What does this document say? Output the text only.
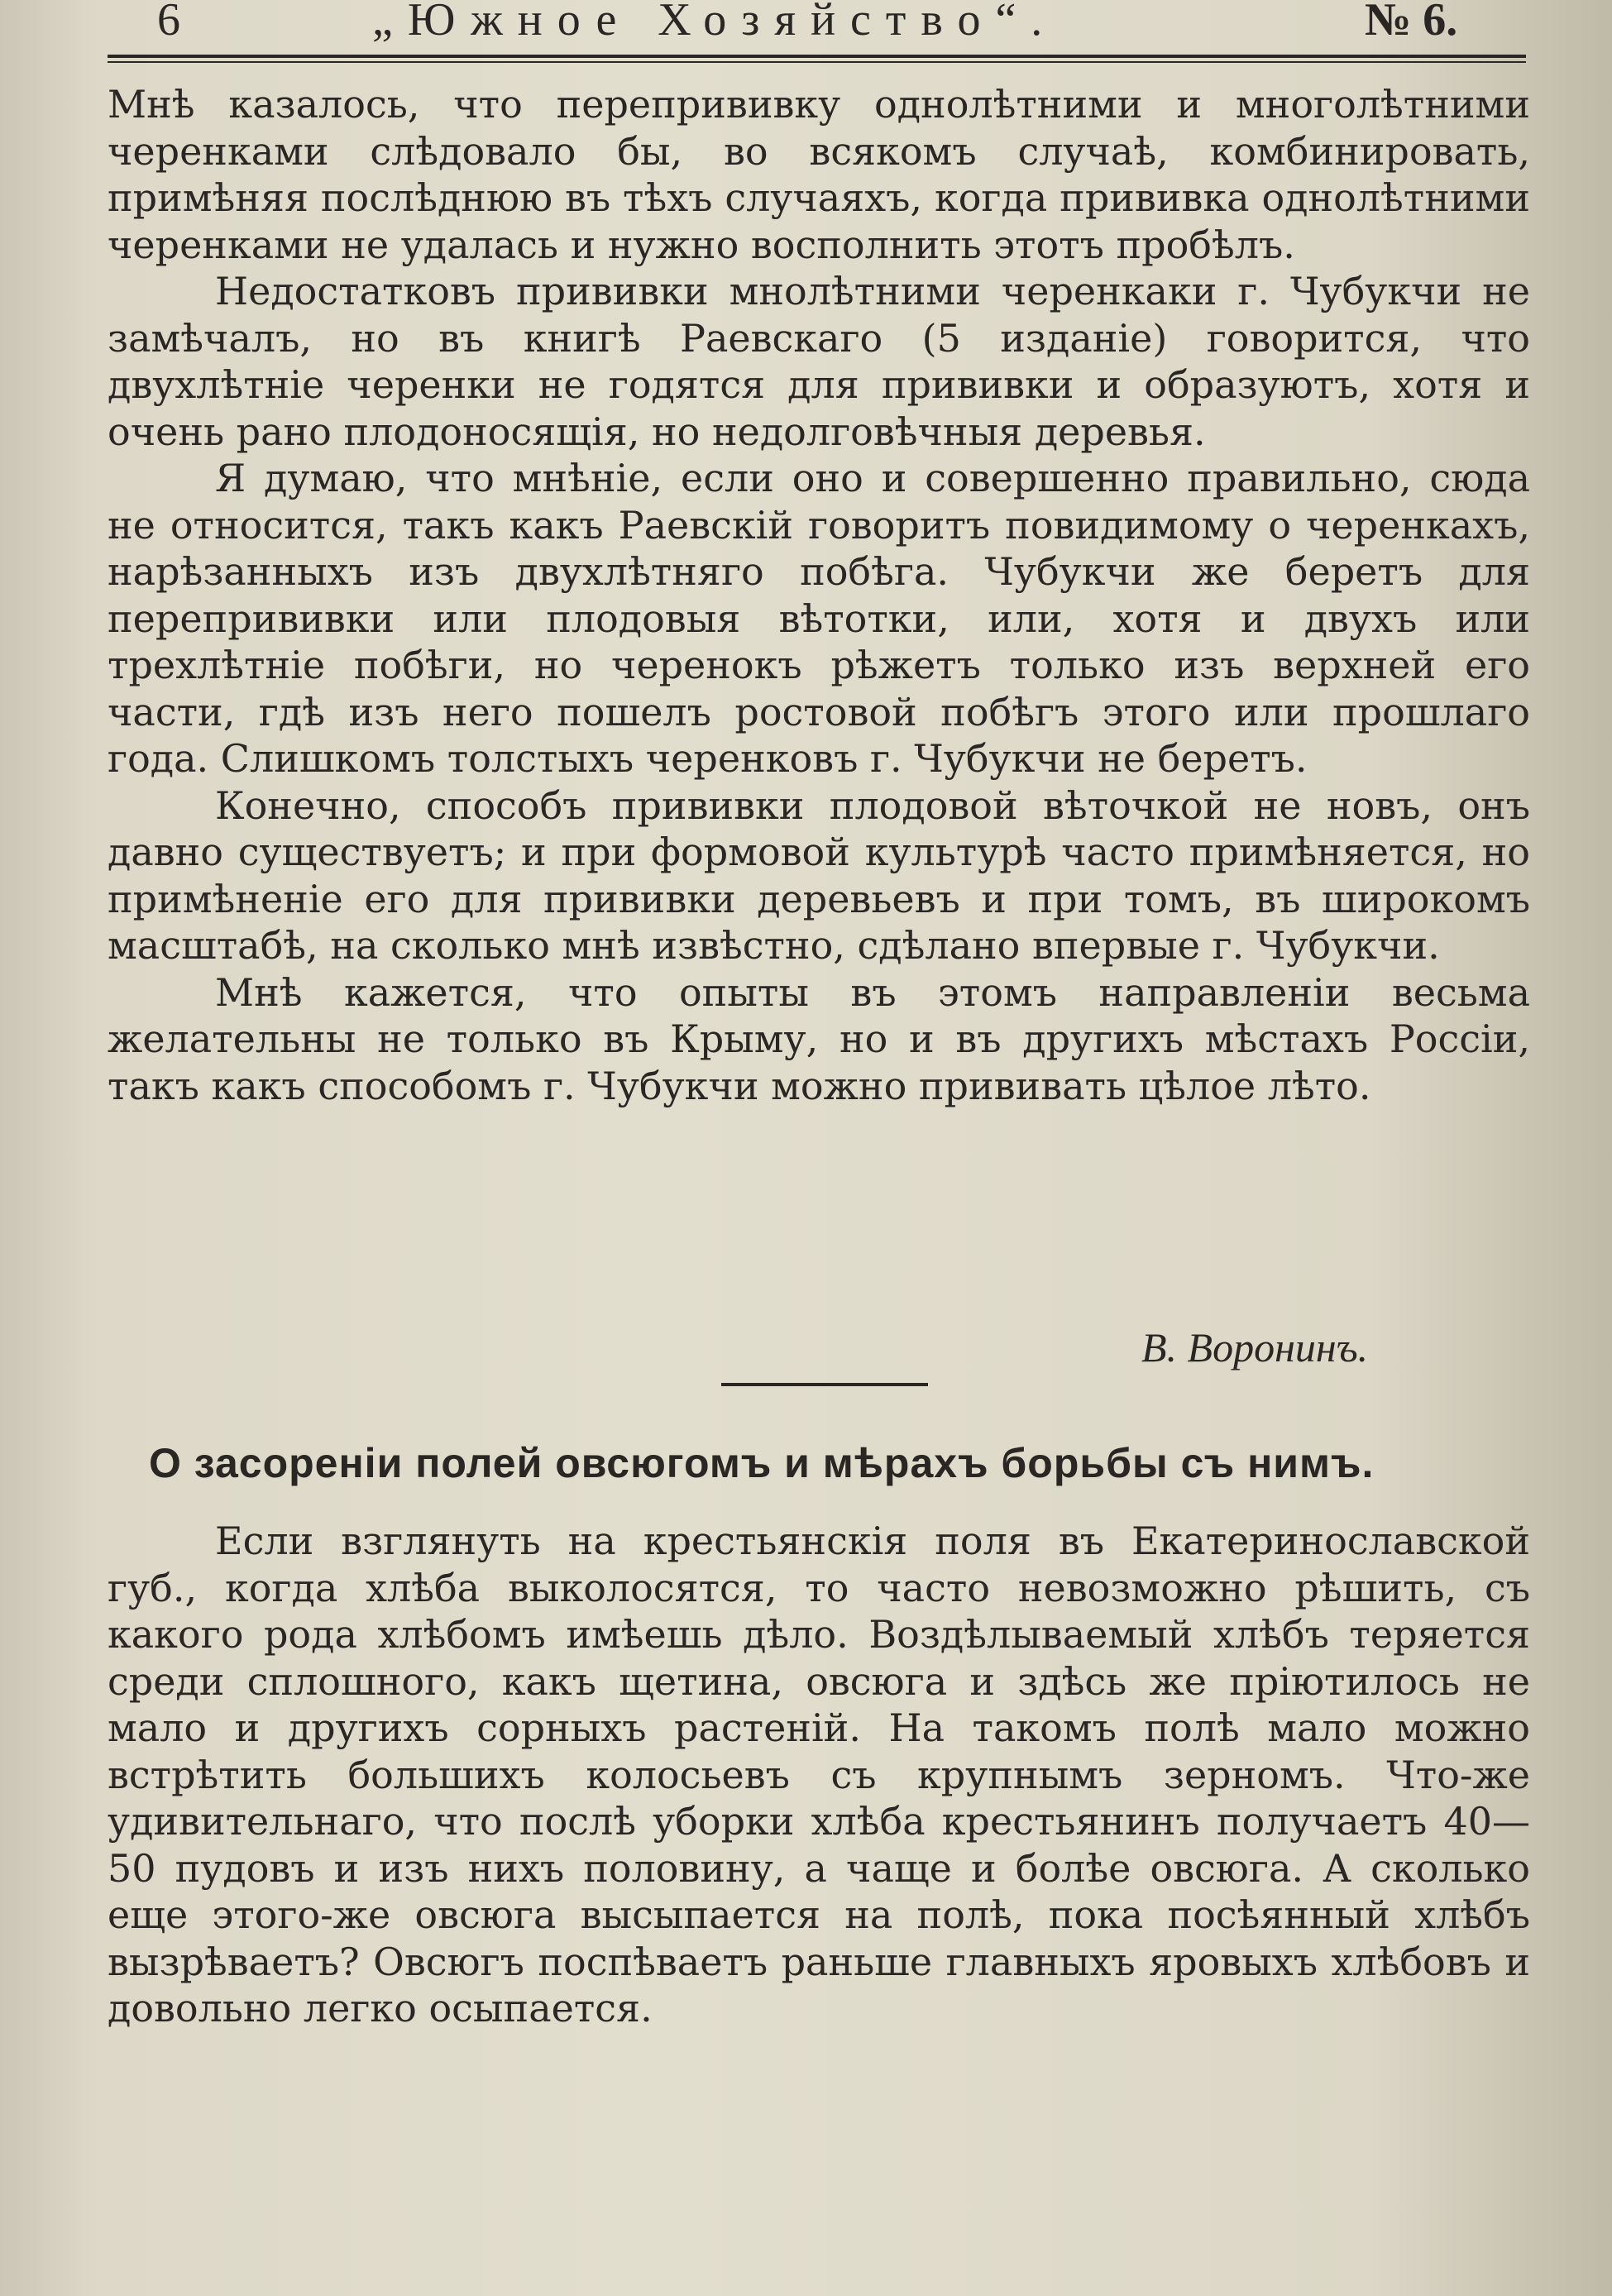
6	„Южное Хозяйство“.	№ 6.

Мнѣ казалось, что перепрививку однолѣтними и многолѣтними черенками слѣдовало бы, во всякомъ случаѣ, комбинировать, примѣняя послѣднюю въ тѣхъ случаяхъ, когда прививка однолѣтними черенками не удалась и нужно восполнить этотъ пробѣлъ.

Недостатковъ прививки мнолѣтними черенкаки г. Чубукчи не замѣчалъ, но въ книгѣ Раевскаго (5 изданіе) говорится, что двухлѣтніе черенки не годятся для прививки и образуютъ, хотя и очень рано плодоносящія, но недолговѣчныя деревья.

Я думаю, что мнѣніе, если оно и совершенно правильно, сюда не относится, такъ какъ Раевскій говоритъ повидимому о черенкахъ, нарѣзанныхъ изъ двухлѣтняго побѣга. Чубукчи же беретъ для перепрививки или плодовыя вѣтотки, или, хотя и двухъ или трехлѣтніе побѣги, но черенокъ рѣжетъ только изъ верхней его части, гдѣ изъ него пошелъ ростовой побѣгъ этого или прошлаго года. Слишкомъ толстыхъ черенковъ г. Чубукчи не беретъ.

Конечно, способъ прививки плодовой вѣточкой не новъ, онъ давно существуетъ; и при формовой культурѣ часто примѣняется, но примѣненіе его для прививки деревьевъ и при томъ, въ широкомъ масштабѣ, на сколько мнѣ извѣстно, сдѣлано впервые г. Чубукчи.

Мнѣ кажется, что опыты въ этомъ направленіи весьма желательны не только въ Крыму, но и въ другихъ мѣстахъ Россіи, такъ какъ способомъ г. Чубукчи можно прививать цѣлое лѣто.

В. Воронинъ.
О засореніи полей овсюгомъ и мѣрахъ борьбы съ нимъ.

Если взглянуть на крестьянскія поля въ Екатеринославской губ., когда хлѣба выколосятся, то часто невозможно рѣшить, съ какого рода хлѣбомъ имѣешь дѣло. Воздѣлываемый хлѣбъ теряется среди сплошного, какъ щетина, овсюга и здѣсь же пріютилось не мало и другихъ сорныхъ растеній. На такомъ полѣ мало можно встрѣтить большихъ колосьевъ съ крупнымъ зерномъ. Что-же удивительнаго, что послѣ уборки хлѣба крестьянинъ получаетъ 40—50 пудовъ и изъ нихъ половину, а чаще и болѣе овсюга. А сколько еще этого-же овсюга высыпается на полѣ, пока посѣянный хлѣбъ вызрѣваетъ? Овсюгъ поспѣваетъ раньше главныхъ яровыхъ хлѣбовъ и довольно легко осыпается.
